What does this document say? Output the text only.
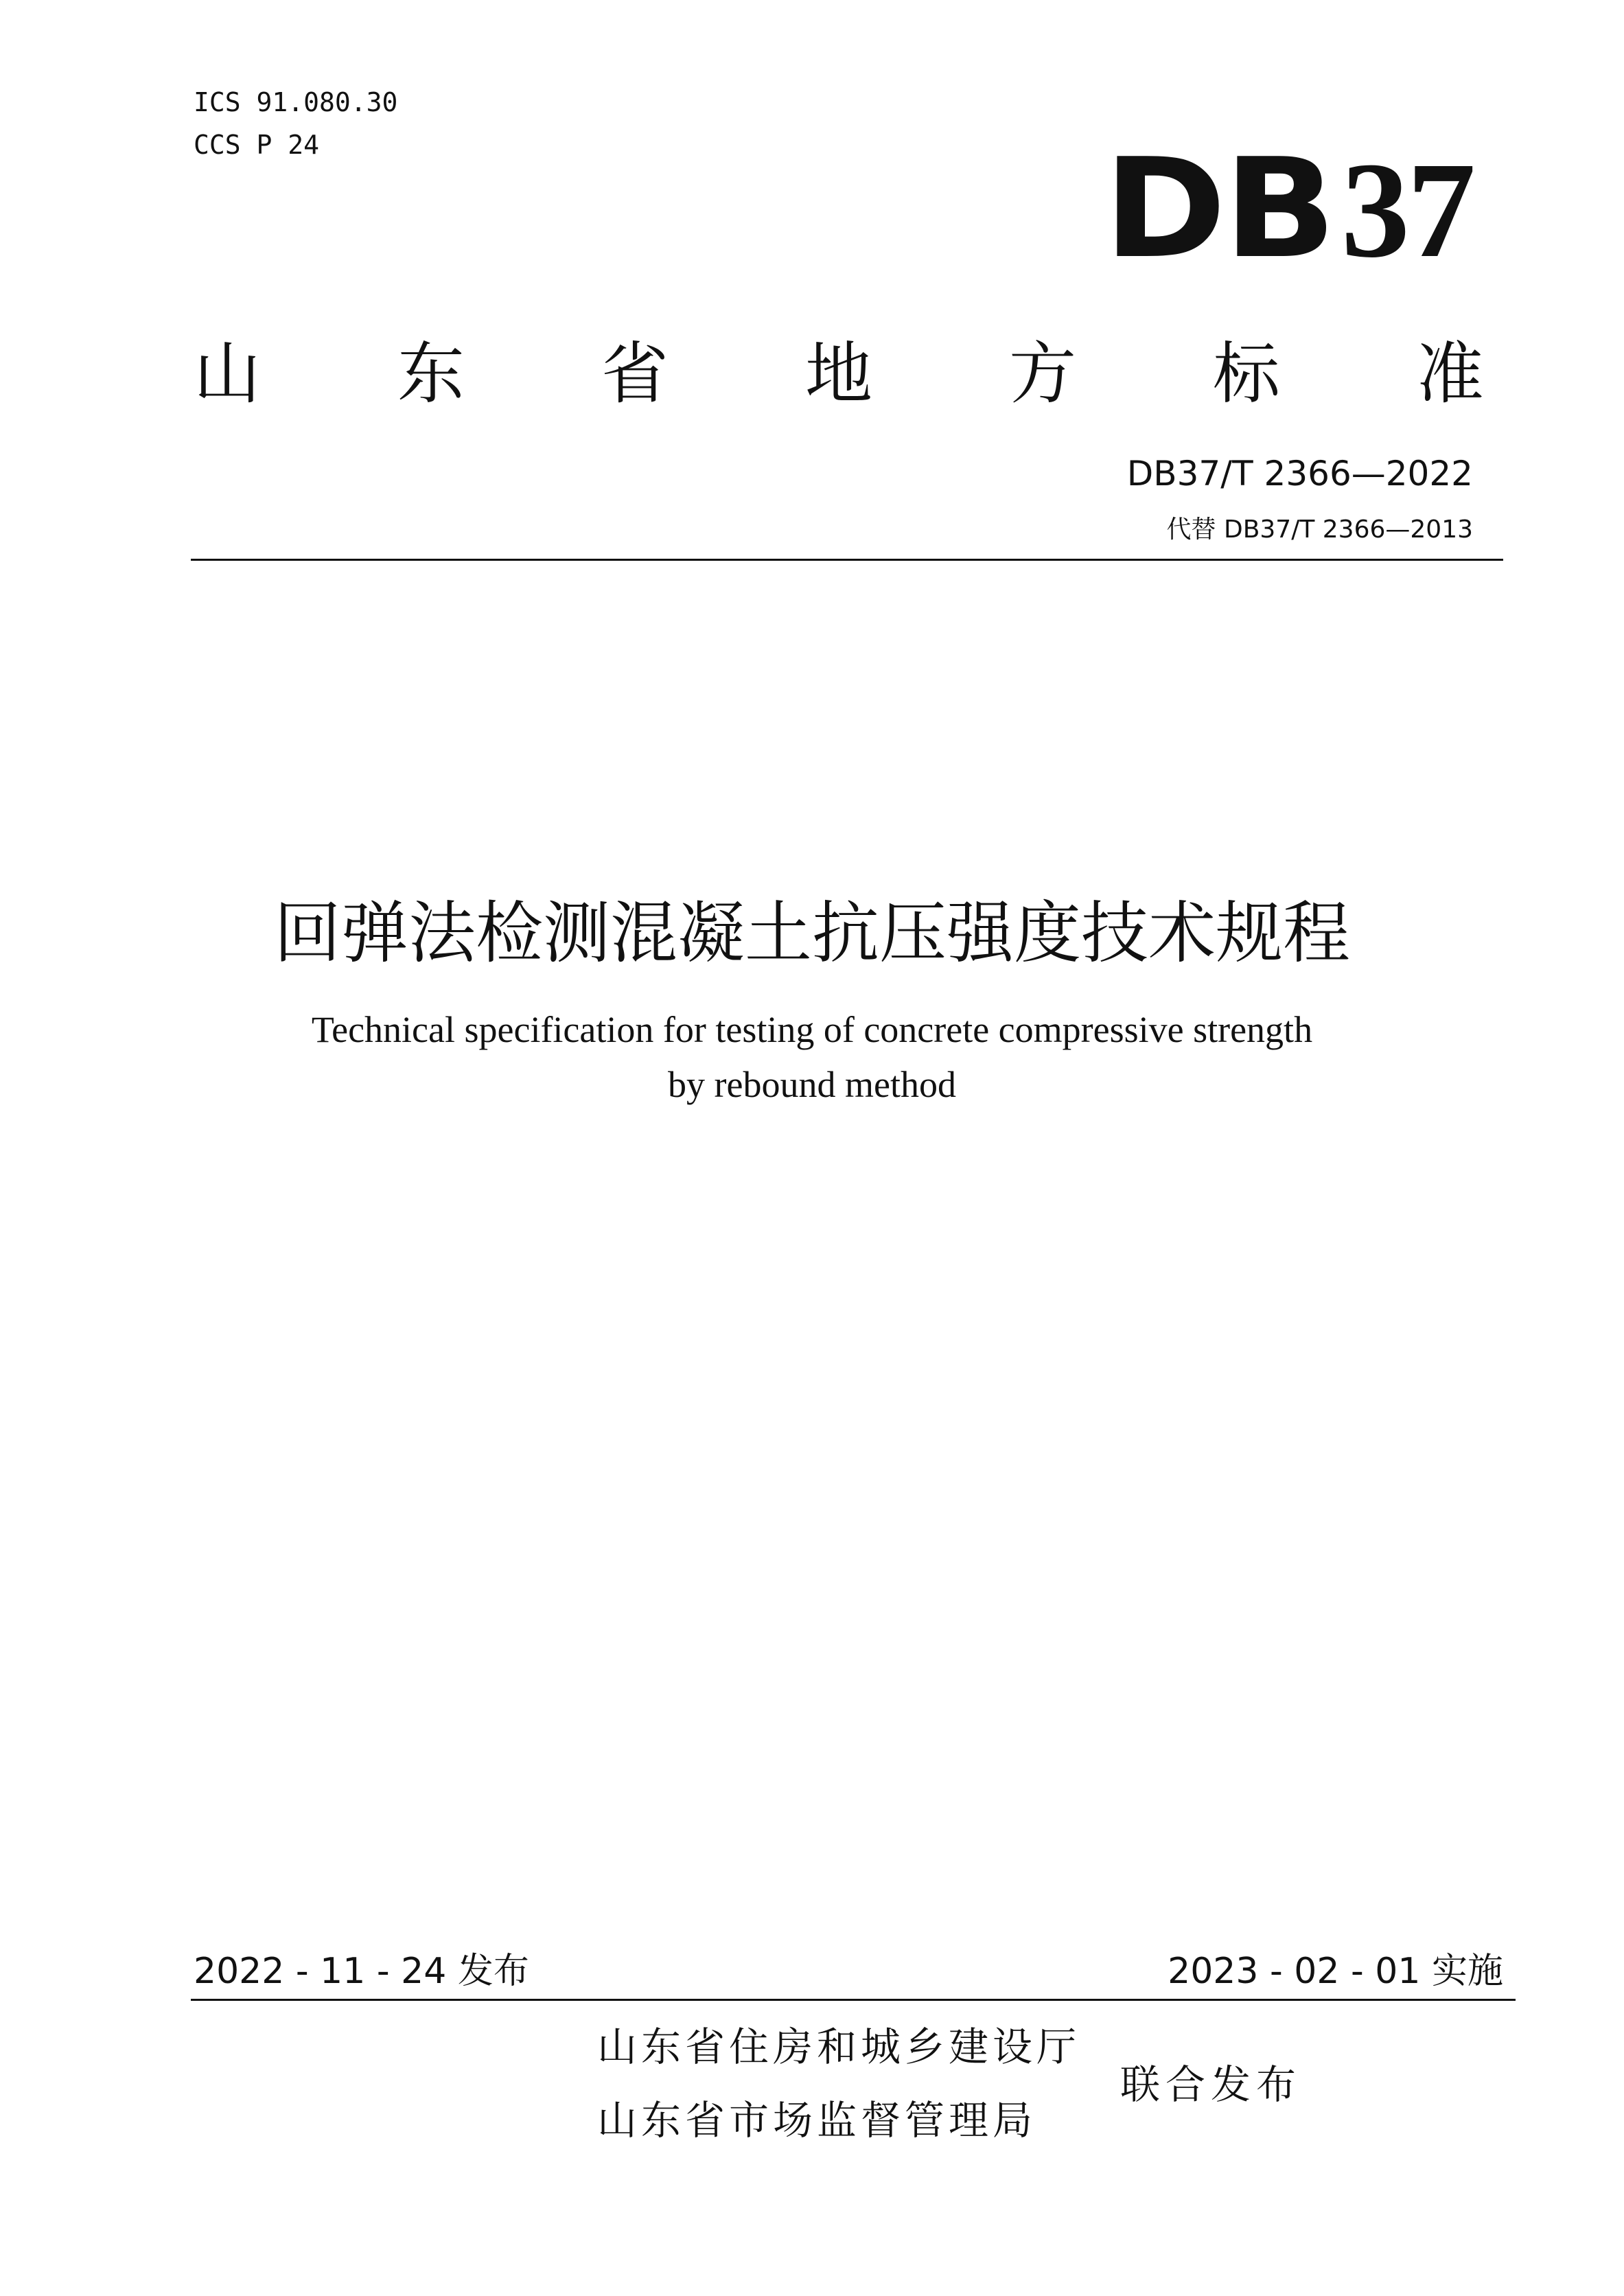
ICS 91.080.30
CCS P 24	DB37
山 东 省 地 方 标 准
DB37/T 2366—2022
代替 DB37/T 2366—2013
回弹法检测混凝土抗压强度技术规程
Technical specification for testing of concrete compressive strength
by rebound method
2022 - 11 - 24 发布	2023 - 02 - 01 实施
山东省住房和城乡建设厅
山东省市场监督管理局
联合发布
